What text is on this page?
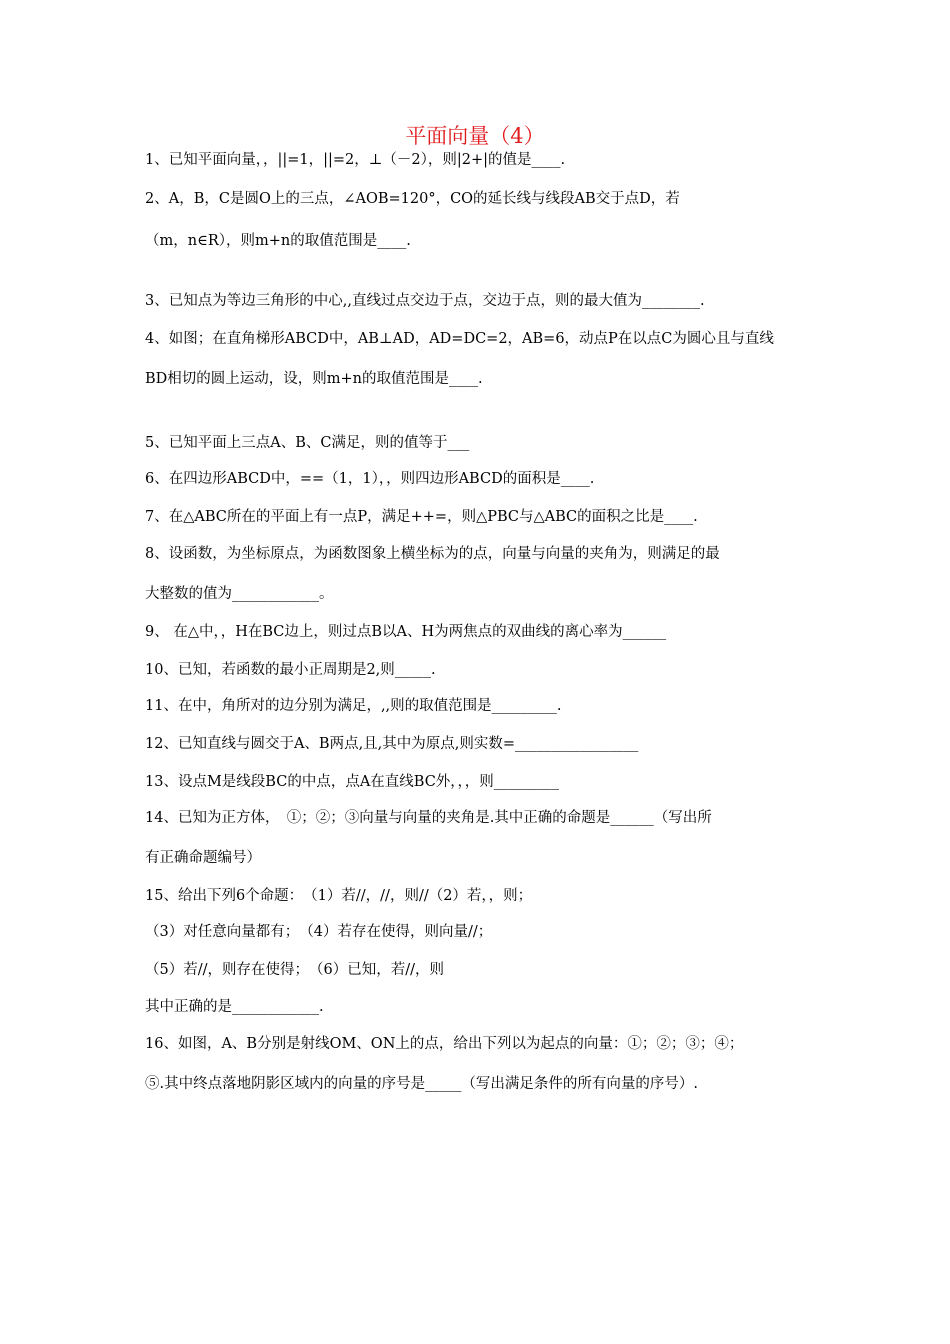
平面向量（4）
1、已知平面向量，，||=1，||=2，⊥（－2），则|2+|的值是____.
2、A，B，C是圆O上的三点，∠AOB=120°，CO的延长线与线段AB交于点D，若
（m，n∈R），则m+n的取值范围是____.
3、已知点为等边三角形的中心,,直线过点交边于点，交边于点，则的最大值为________.
4、如图；在直角梯形ABCD中，AB⊥AD，AD=DC=2，AB=6，动点P在以点C为圆心且与直线
BD相切的圆上运动，设，则m+n的取值范围是____.
5、已知平面上三点A、B、C满足，则的值等于___
6、在四边形ABCD中，==（1，1），，则四边形ABCD的面积是____.
7、在△ABC所在的平面上有一点P，满足++=，则△PBC与△ABC的面积之比是____.
8、设函数，为坐标原点，为函数图象上横坐标为的点，向量与向量的夹角为，则满足的最
大整数的值为____________。
9、 在△中，，H在BC边上，则过点B以A、H为两焦点的双曲线的离心率为______
10、已知，若函数的最小正周期是2,则_____.
11、在中，角所对的边分别为满足，,,则的取值范围是_________.
12、已知直线与圆交于A、B两点,且,其中为原点,则实数=_________________
13、设点M是线段BC的中点，点A在直线BC外，，，则_________
14、已知为正方体，　①；②；③向量与向量的夹角是.其中正确的命题是______（写出所
有正确命题编号）
15、给出下列6个命题：　（1）若//，//，则//（2）若，，则；
（3）对任意向量都有；　（4）若存在使得，则向量//；
（5）若//，则存在使得；　（6）已知，若//，则
其中正确的是____________.
16、如图，A、B分别是射线OM、ON上的点，给出下列以为起点的向量：①；②；③；④；
⑤.其中终点落地阴影区域内的向量的序号是_____（写出满足条件的所有向量的序号）.
